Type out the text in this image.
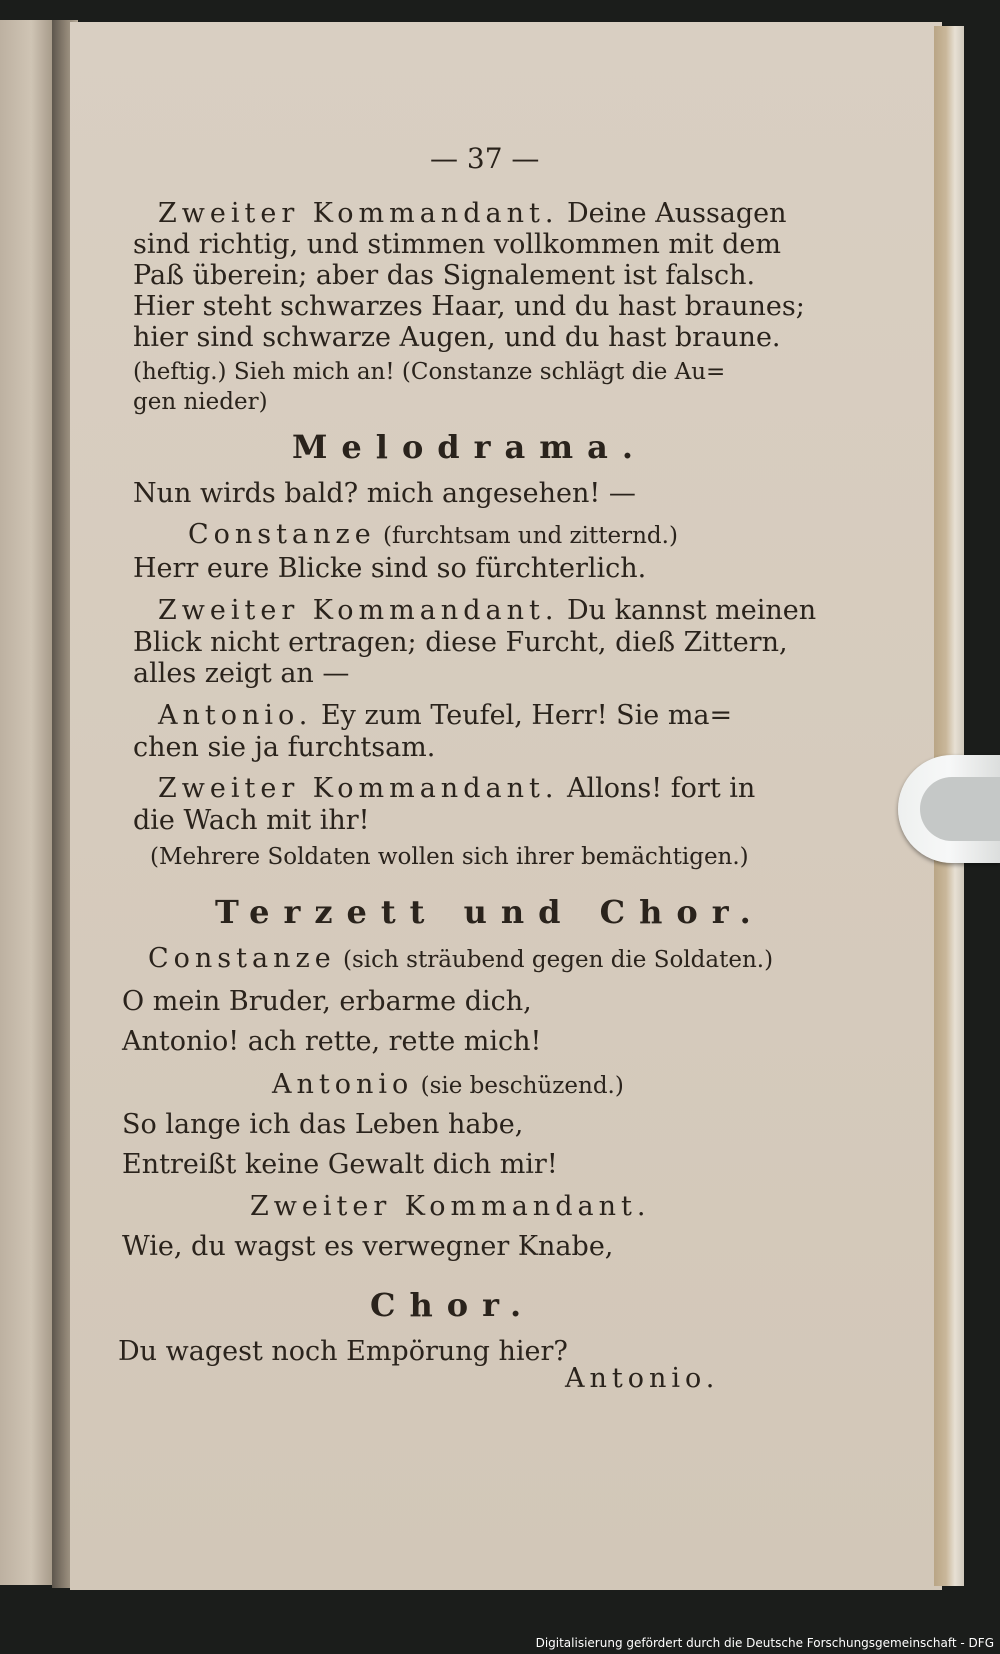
— 37 —
Zweiter Kommandant. Deine Aussagen
sind richtig, und stimmen vollkommen mit dem
Paß überein; aber das Signalement ist falsch.
Hier steht schwarzes Haar, und du hast braunes;
hier sind schwarze Augen, und du hast braune.
(heftig.) Sieh mich an! (Constanze schlägt die Au=
gen nieder)
Melodrama.
Nun wirds bald? mich angesehen! —
Constanze (furchtsam und zitternd.)
Herr eure Blicke sind so fürchterlich.
Zweiter Kommandant. Du kannst meinen
Blick nicht ertragen; diese Furcht, dieß Zittern,
alles zeigt an —
Antonio. Ey zum Teufel, Herr! Sie ma=
chen sie ja furchtsam.
Zweiter Kommandant. Allons! fort in
die Wach mit ihr!
(Mehrere Soldaten wollen sich ihrer bemächtigen.)
Terzett und Chor.
Constanze (sich sträubend gegen die Soldaten.)
O mein Bruder, erbarme dich,
Antonio! ach rette, rette mich!
Antonio (sie beschüzend.)
So lange ich das Leben habe,
Entreißt keine Gewalt dich mir!
Zweiter Kommandant.
Wie, du wagst es verwegner Knabe,
Chor.
Du wagest noch Empörung hier?
Antonio.
Digitalisierung gefördert durch die Deutsche Forschungsgemeinschaft - DFG
